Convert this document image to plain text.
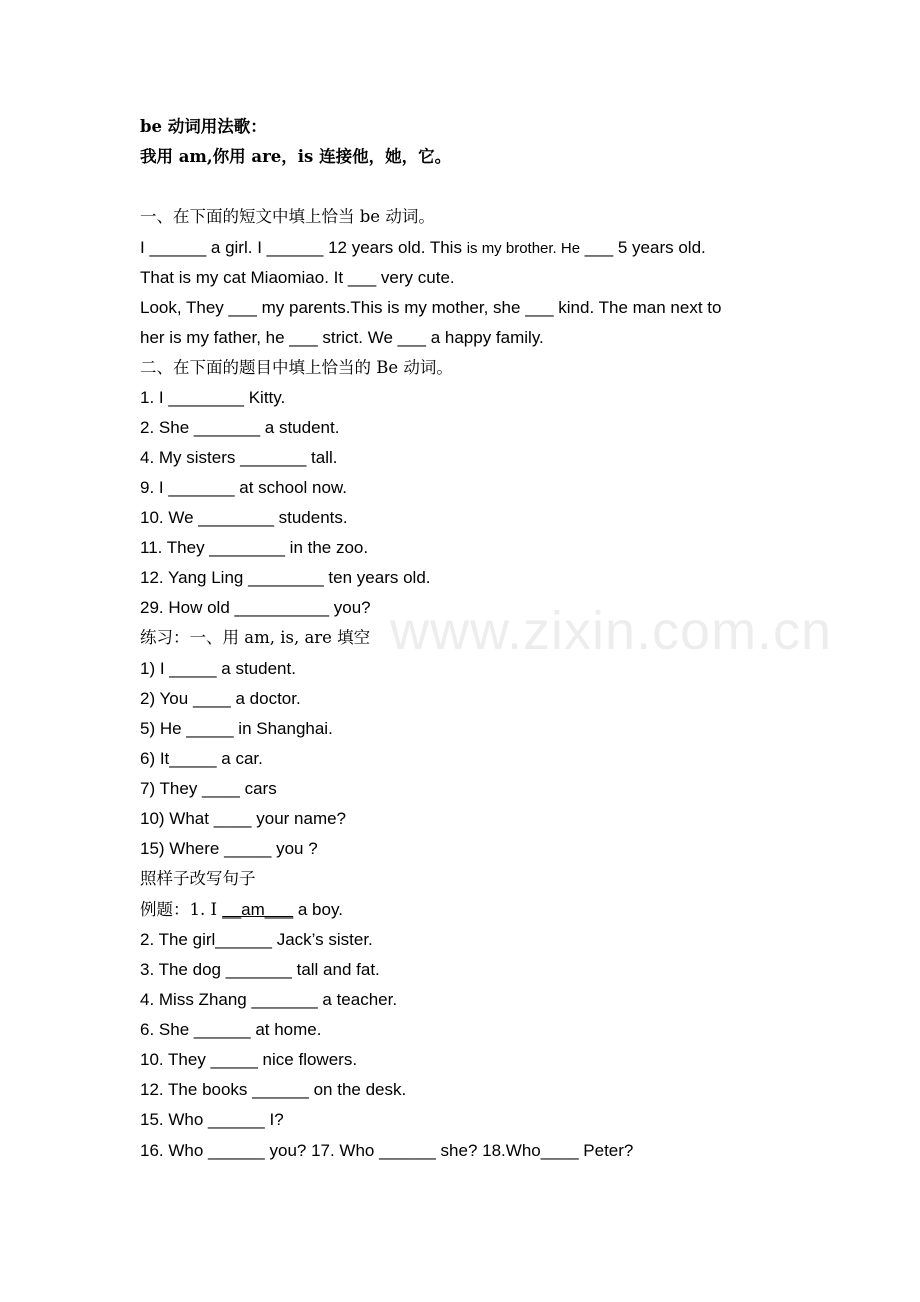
www.zixin.com.cn
be 动词用法歌：
我用 am,你用 are，is 连接他，她，它。
一、在下面的短文中填上恰当 be 动词。
I ______ a girl. I ______ 12 years old. This is my brother. He ___ 5 years old.
That is my cat Miaomiao. It ___ very cute.
Look, They ___ my parents.This is my mother, she ___ kind. The man next to
her is my father, he ___ strict. We ___ a happy family.
二、在下面的题目中填上恰当的 Be 动词。
1. I ________ Kitty.
2. She _______ a student.
4. My sisters _______ tall.
9. I _______ at school now.
10. We ________ students.
11. They ________ in the zoo.
12. Yang Ling ________ ten years old.
29. How old __________ you?
练习：一、用 am, is, are 填空
1) I _____ a student.
2) You ____ a doctor.
5) He _____ in Shanghai.
6) It_____ a car.
7) They ____ cars
10) What ____ your name?
15) Where _____ you ?
照样子改写句子
例题：1. I __am___ a boy.
2. The girl______ Jack’s sister.
3. The dog _______ tall and fat.
4. Miss Zhang _______ a teacher.
6. She ______ at home.
10. They _____ nice flowers.
12. The books ______ on the desk.
15. Who ______ I?
16. Who ______ you? 17. Who ______ she? 18.Who____ Peter?
